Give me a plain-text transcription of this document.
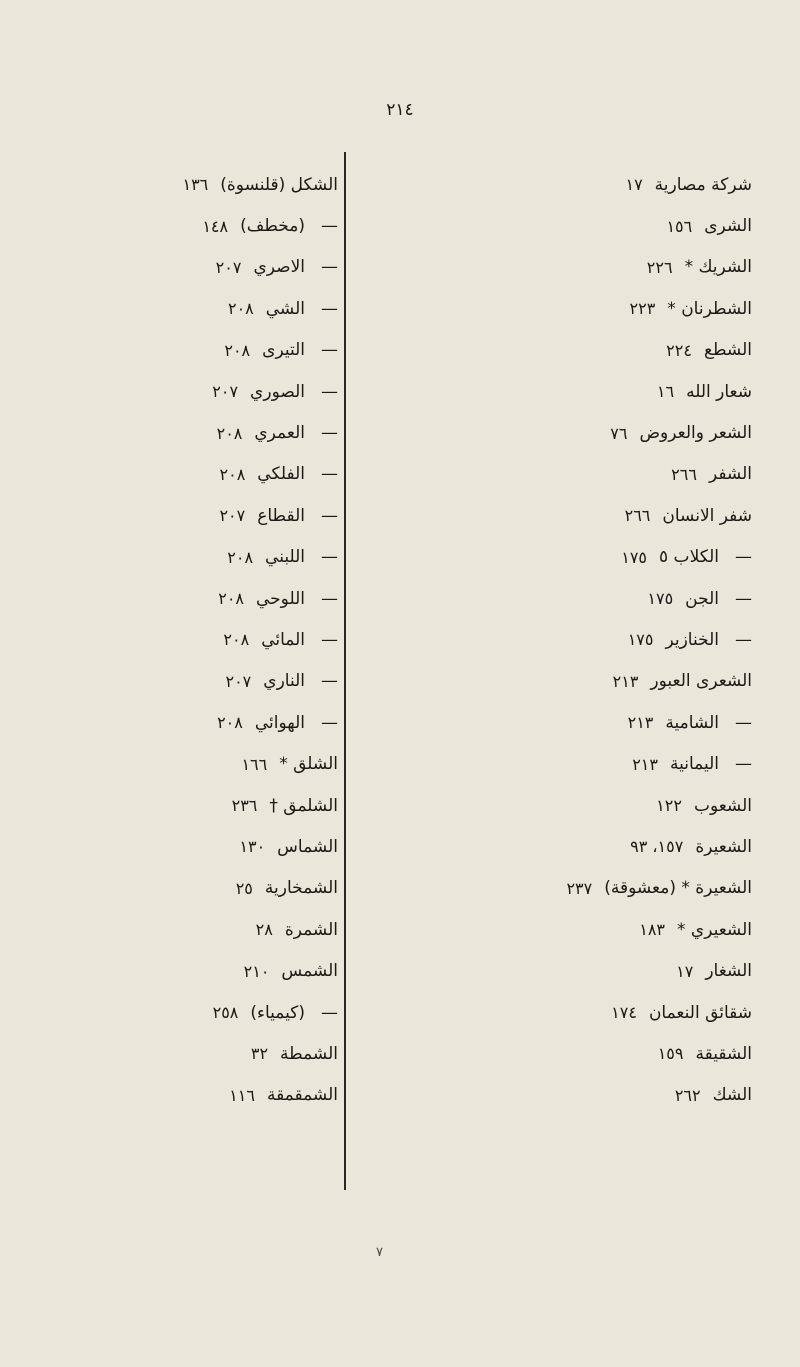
٢١٤
شركة مصارية
١٧
الشرى
١٥٦
الشريك *
٢٢٦
الشطرنان *
٢٢٣
الشطع
٢٢٤
شعار الله
١٦
الشعر والعروض
٧٦
الشفر
٢٦٦
شفر الانسان
٢٦٦
—
الكلاب ٥
١٧٥
—
الجن
١٧٥
—
الخنازير
١٧٥
الشعرى العبور
٢١٣
—
الشامية
٢١٣
—
اليمانية
٢١٣
الشعوب
١٢٢
الشعيرة
١٥٧، ٩٣
الشعيرة * (معشوقة)
٢٣٧
الشعيري *
١٨٣
الشغار
١٧
شقائق النعمان
١٧٤
الشقيقة
١٥٩
الشك
٢٦٢
الشكل (قلنسوة)
١٣٦
—
(مخطف)
١٤٨
—
الاصري
٢٠٧
—
الشي
٢٠٨
—
التيرى
٢٠٨
—
الصوري
٢٠٧
—
العمري
٢٠٨
—
الفلكي
٢٠٨
—
القطاع
٢٠٧
—
اللبني
٢٠٨
—
اللوحي
٢٠٨
—
المائي
٢٠٨
—
الناري
٢٠٧
—
الهوائي
٢٠٨
الشلق *
١٦٦
الشلمق †
٢٣٦
الشماس
١٣٠
الشمخارية
٢٥
الشمرة
٢٨
الشمس
٢١٠
—
(كيمياء)
٢٥٨
الشمطة
٣٢
الشمقمقة
١١٦
٧
